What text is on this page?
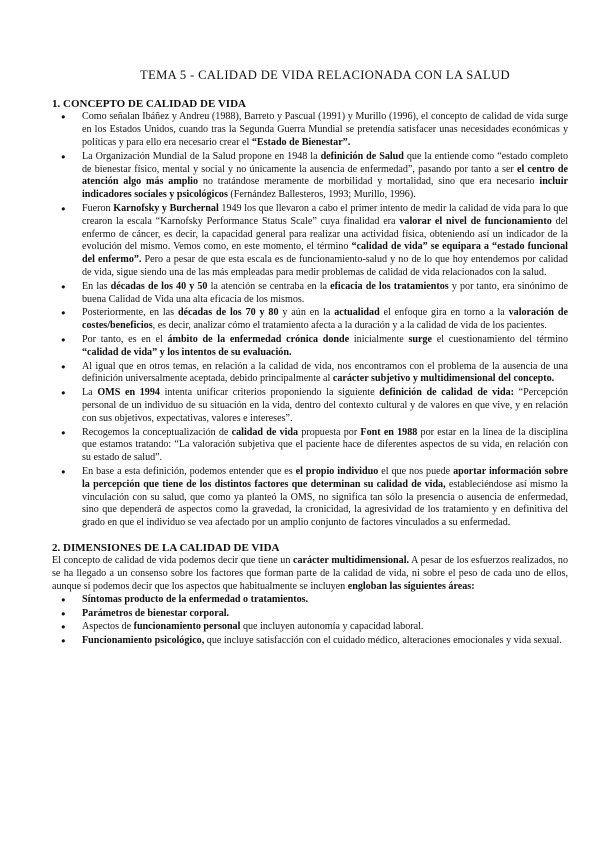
TEMA 5 - CALIDAD DE VIDA RELACIONADA CON LA SALUD
1. CONCEPTO DE CALIDAD DE VIDA
● Como señalan Ibáñez y Andreu (1988), Barreto y Pascual (1991) y Murillo (1996), el concepto de calidad de vida surge en los Estados Unidos, cuando tras la Segunda Guerra Mundial se pretendía satisfacer unas necesidades económicas y políticas y para ello era necesario crear el “Estado de Bienestar”.
● La Organización Mundial de la Salud propone en 1948 la definición de Salud que la entiende como “estado completo de bienestar físico, mental y social y no únicamente la ausencia de enfermedad”, pasando por tanto a ser el centro de atención algo más amplio no tratándose meramente de morbilidad y mortalidad, sino que era necesario incluir indicadores sociales y psicológicos (Fernández Ballesteros, 1993; Murillo, 1996).
● Fueron Karnofsky y Burchernal 1949 los que llevaron a cabo el primer intento de medir la calidad de vida para lo que crearon la escala “Karnofsky Performance Status Scale” cuya finalidad era valorar el nivel de funcionamiento del enfermo de cáncer, es decir, la capacidad general para realizar una actividad física, obteniendo así un indicador de la evolución del mismo. Vemos como, en este momento, el término “calidad de vida” se equipara a “estado funcional del enfermo”. Pero a pesar de que esta escala es de funcionamiento-salud y no de lo que hoy entendemos por calidad de vida, sigue siendo una de las más empleadas para medir problemas de calidad de vida relacionados con la salud.
● En las décadas de los 40 y 50 la atención se centraba en la eficacia de los tratamientos y por tanto, era sinónimo de buena Calidad de Vida una alta eficacia de los mismos.
● Posteriormente, en las décadas de los 70 y 80 y aún en la actualidad el enfoque gira en torno a la valoración de costes/beneficios, es decir, analizar cómo el tratamiento afecta a la duración y a la calidad de vida de los pacientes.
● Por tanto, es en el ámbito de la enfermedad crónica donde inicialmente surge el cuestionamiento del término “calidad de vida” y los intentos de su evaluación.
● Al igual que en otros temas, en relación a la calidad de vida, nos encontramos con el problema de la ausencia de una definición universalmente aceptada, debido principalmente al carácter subjetivo y multidimensional del concepto.
● La OMS en 1994 intenta unificar criterios proponiendo la siguiente definición de calidad de vida: “Percepción personal de un individuo de su situación en la vida, dentro del contexto cultural y de valores en que vive, y en relación con sus objetivos, expectativas, valores e intereses”.
● Recogemos la conceptualización de calidad de vida propuesta por Font en 1988 por estar en la línea de la disciplina que estamos tratando: “La valoración subjetiva que el paciente hace de diferentes aspectos de su vida, en relación con su estado de salud”.
● En base a esta definición, podemos entender que es el propio individuo el que nos puede aportar información sobre la percepción que tiene de los distintos factores que determinan su calidad de vida, estableciéndose así mismo la vinculación con su salud, que como ya planteó la OMS, no significa tan sólo la presencia o ausencia de enfermedad, sino que dependerá de aspectos como la gravedad, la cronicidad, la agresividad de los tratamiento y en definitiva del grado en que el individuo se vea afectado por un amplio conjunto de factores vinculados a su enfermedad.
2. DIMENSIONES DE LA CALIDAD DE VIDA

El concepto de calidad de vida podemos decir que tiene un carácter multidimensional. A pesar de los esfuerzos realizados, no se ha llegado a un consenso sobre los factores que forman parte de la calidad de vida, ni sobre el peso de cada uno de ellos, aunque sí podemos decir que los aspectos que habitualmente se incluyen engloban las siguientes áreas:

● Síntomas producto de la enfermedad o tratamientos.
● Parámetros de bienestar corporal.
● Aspectos de funcionamiento personal que incluyen autonomía y capacidad laboral.
● Funcionamiento psicológico, que incluye satisfacción con el cuidado médico, alteraciones emocionales y vida sexual.
